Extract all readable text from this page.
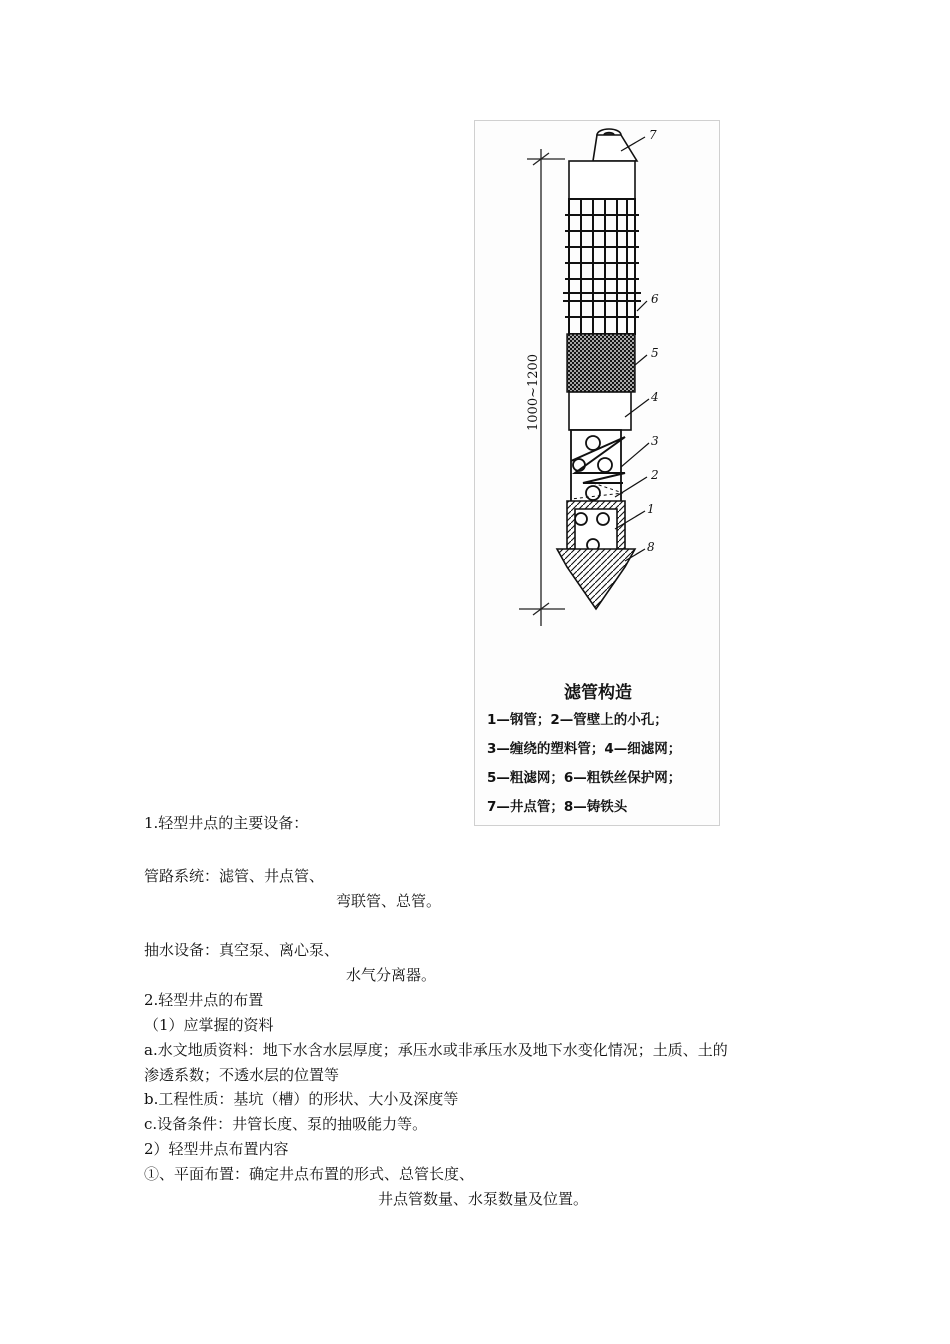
1000~1200
7
6
5
4
3
2
1
8
滤管构造
1—钢管；2—管壁上的小孔；
3—缠绕的塑料管；4—细滤网；
5—粗滤网；6—粗铁丝保护网；
7—井点管；8—铸铁头
1.轻型井点的主要设备：
管路系统：滤管、井点管、
弯联管、总管。
抽水设备：真空泵、离心泵、
水气分离器。
2.轻型井点的布置
（1）应掌握的资料
a.水文地质资料：地下水含水层厚度；承压水或非承压水及地下水变化情况；土质、土的
渗透系数；不透水层的位置等
b.工程性质：基坑（槽）的形状、大小及深度等
c.设备条件：井管长度、泵的抽吸能力等。
2）轻型井点布置内容
①、平面布置：确定井点布置的形式、总管长度、
井点管数量、水泵数量及位置。
